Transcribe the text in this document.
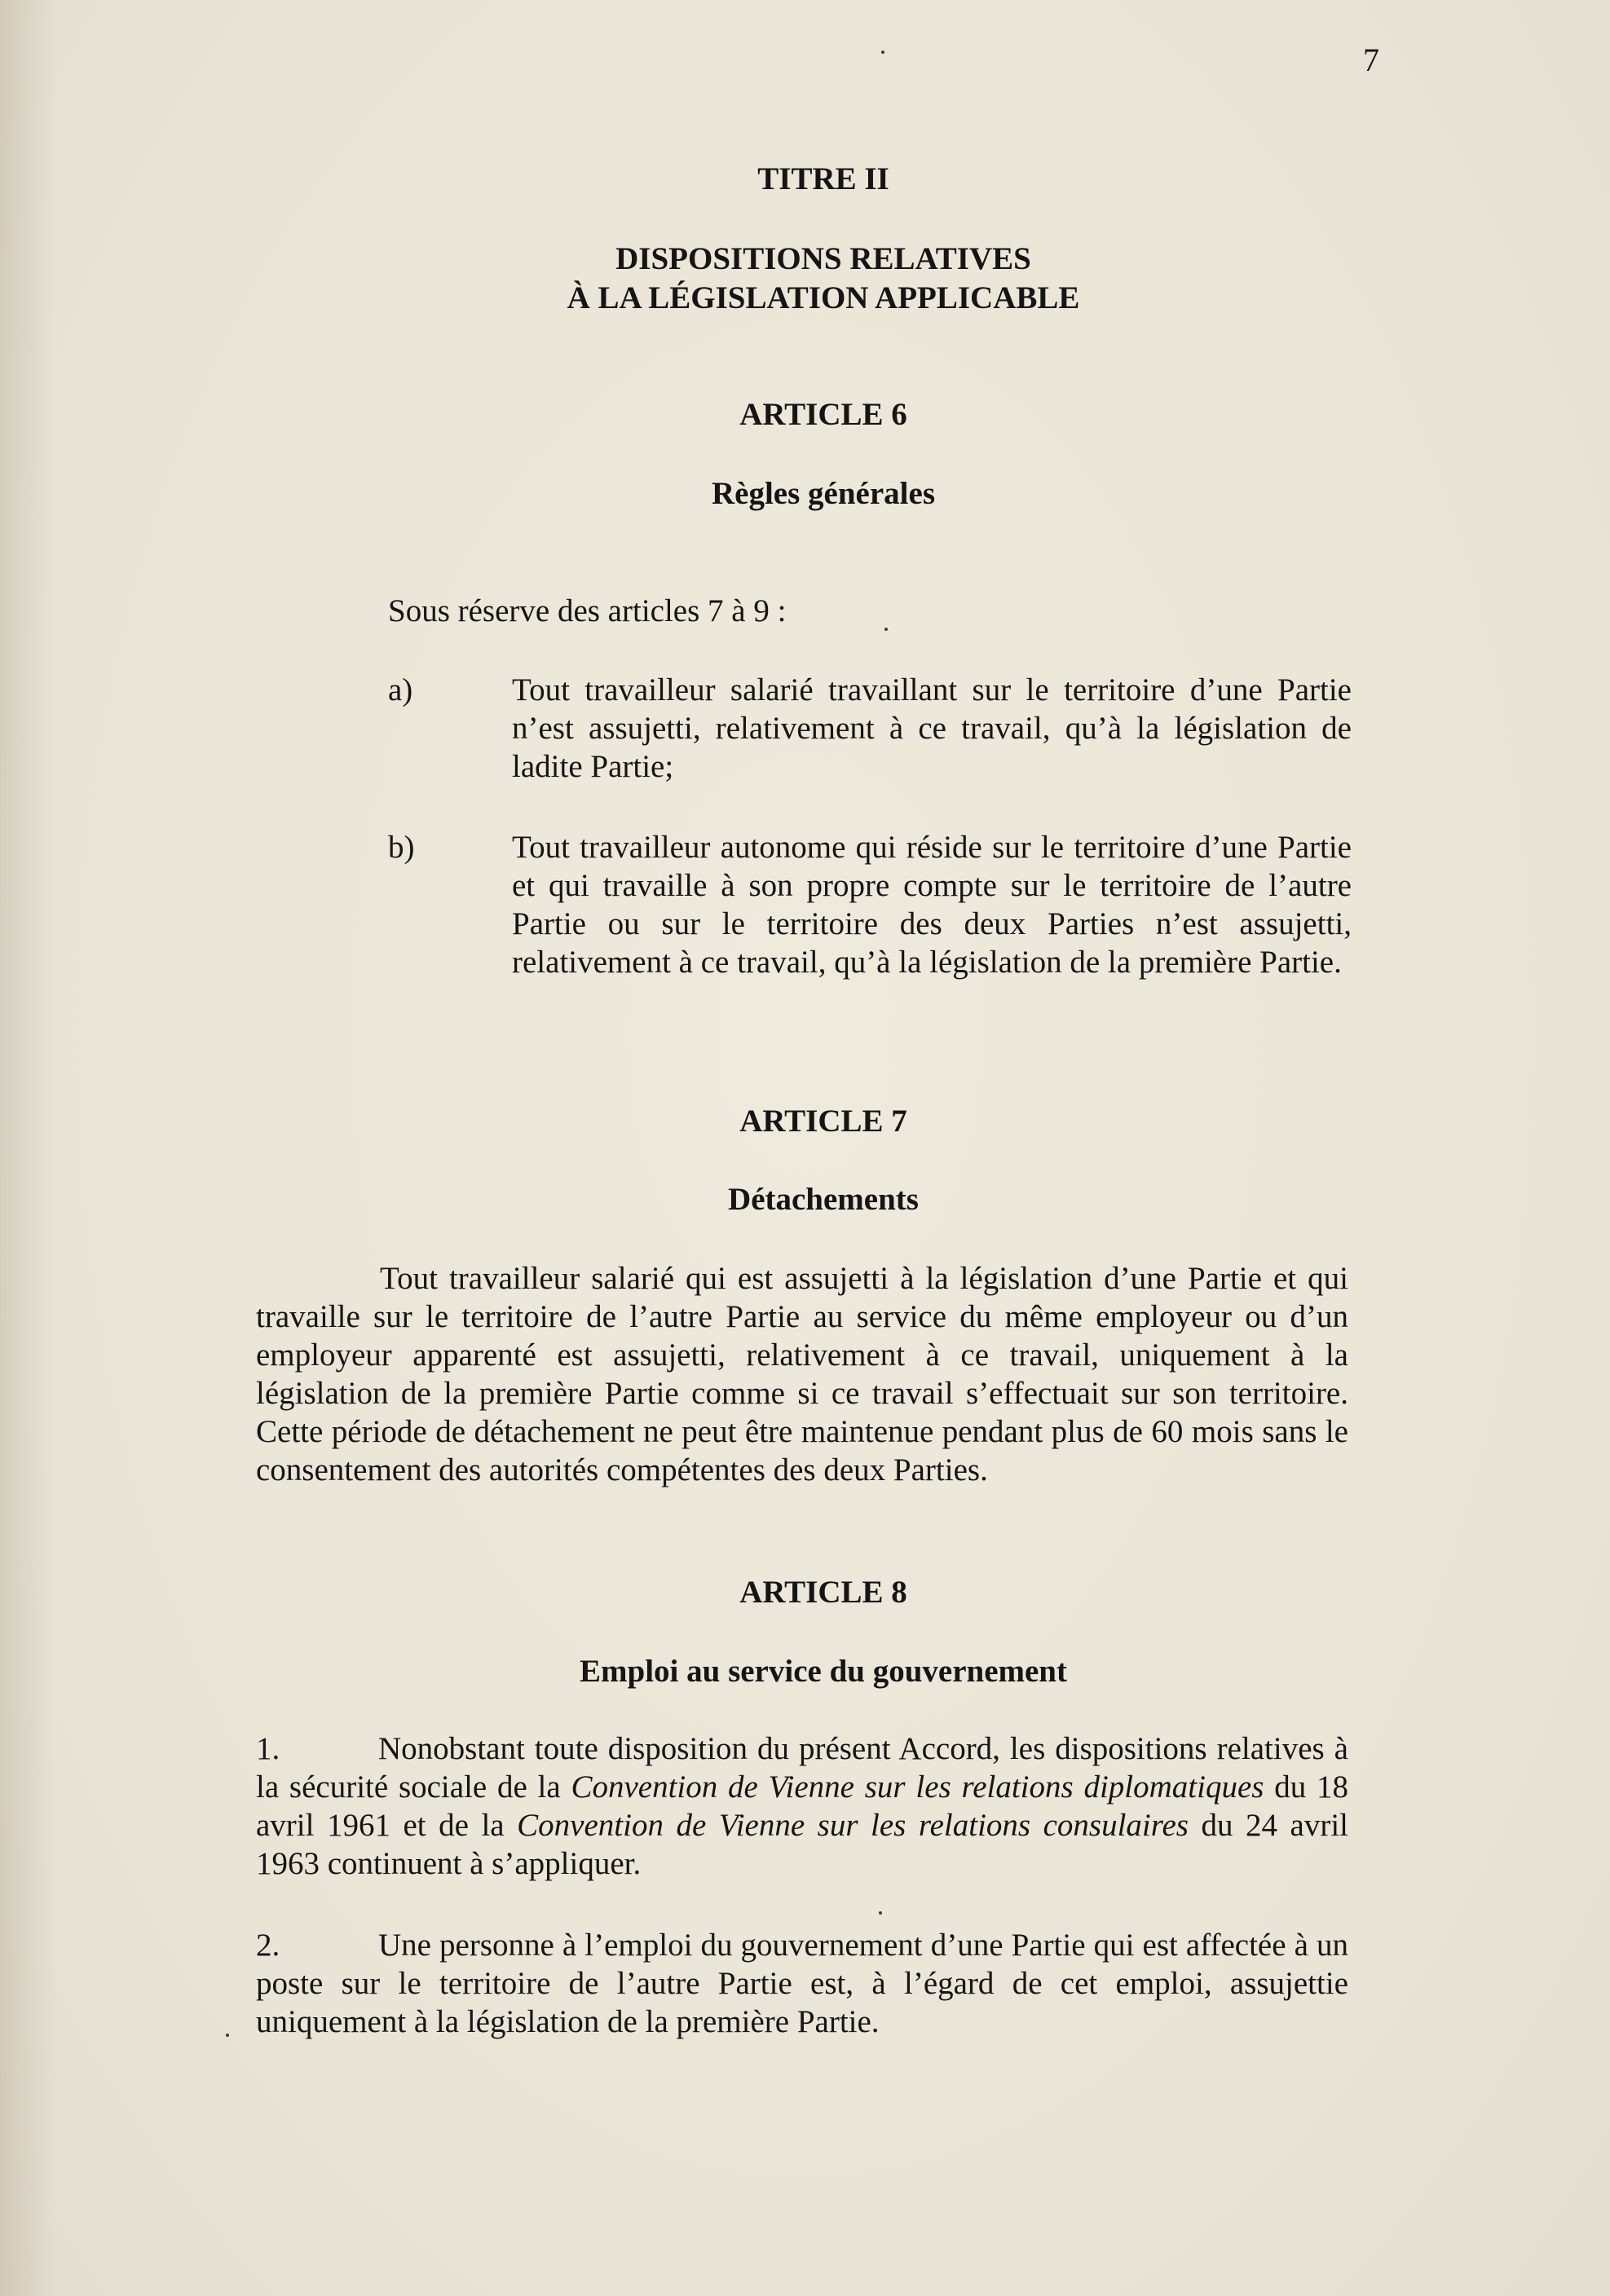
7
TITRE II
DISPOSITIONS RELATIVES
À LA LÉGISLATION APPLICABLE
ARTICLE 6
Règles générales
Sous réserve des articles 7 à 9 :
a)	Tout travailleur salarié travaillant sur le territoire d’une Partie n’est assujetti, relativement à ce travail, qu’à la législation de ladite Partie;
b)	Tout travailleur autonome qui réside sur le territoire d’une Partie et qui travaille à son propre compte sur le territoire de l’autre Partie ou sur le territoire des deux Parties n’est assujetti, relativement à ce travail, qu’à la législation de la première Partie.
ARTICLE 7
Détachements
Tout travailleur salarié qui est assujetti à la législation d’une Partie et qui travaille sur le territoire de l’autre Partie au service du même employeur ou d’un employeur apparenté est assujetti, relativement à ce travail, uniquement à la législation de la première Partie comme si ce travail s’effectuait sur son territoire. Cette période de détachement ne peut être maintenue pendant plus de 60 mois sans le consentement des autorités compétentes des deux Parties.
ARTICLE 8
Emploi au service du gouvernement
1.	Nonobstant toute disposition du présent Accord, les dispositions relatives à la sécurité sociale de la Convention de Vienne sur les relations diplomatiques du 18 avril 1961 et de la Convention de Vienne sur les relations consulaires du 24 avril 1963 continuent à s’appliquer.
2.	Une personne à l’emploi du gouvernement d’une Partie qui est affectée à un poste sur le territoire de l’autre Partie est, à l’égard de cet emploi, assujettie uniquement à la législation de la première Partie.
